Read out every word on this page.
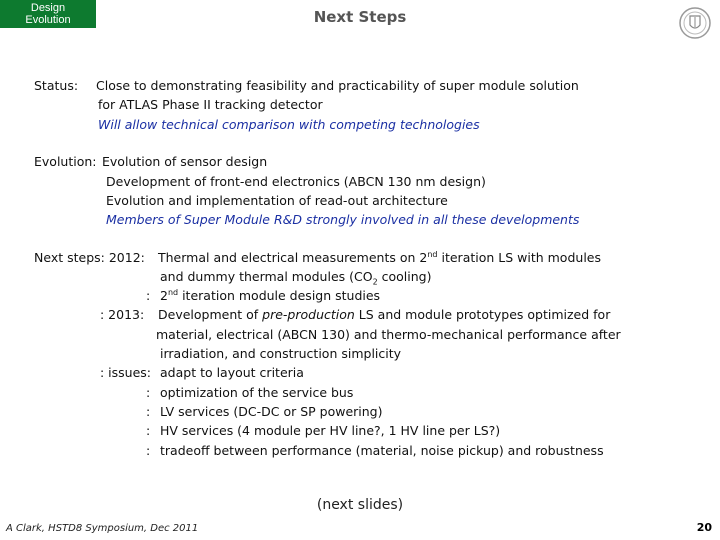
Design
Evolution	Next Steps
Status: Close to demonstrating feasibility and practicability of super module solution
for ATLAS Phase II tracking detector
Will allow technical comparison with competing technologies
Evolution: Evolution of sensor design
Development of front-end electronics (ABCN 130 nm design)
Evolution and implementation of read-out architecture
Members of Super Module R&D strongly involved in all these developments
Next steps: 2012: Thermal and electrical measurements on 2nd iteration LS with modules
and dummy thermal modules ($CO_2$ cooling)
: 2nd iteration module design studies
: 2013: Development of pre-production LS and module prototypes optimized for
material, electrical (ABCN 130) and thermo-mechanical performance after
irradiation, and construction simplicity
: issues: adapt to layout criteria
: optimization of the service bus
: LV services (DC-DC or SP powering)
: HV services (4 module per HV line?, 1 HV line per LS?)
: tradeoff between performance (material, noise pickup) and robustness
(next slides)
A Clark, HSTD8 Symposium, Dec 2011	20
